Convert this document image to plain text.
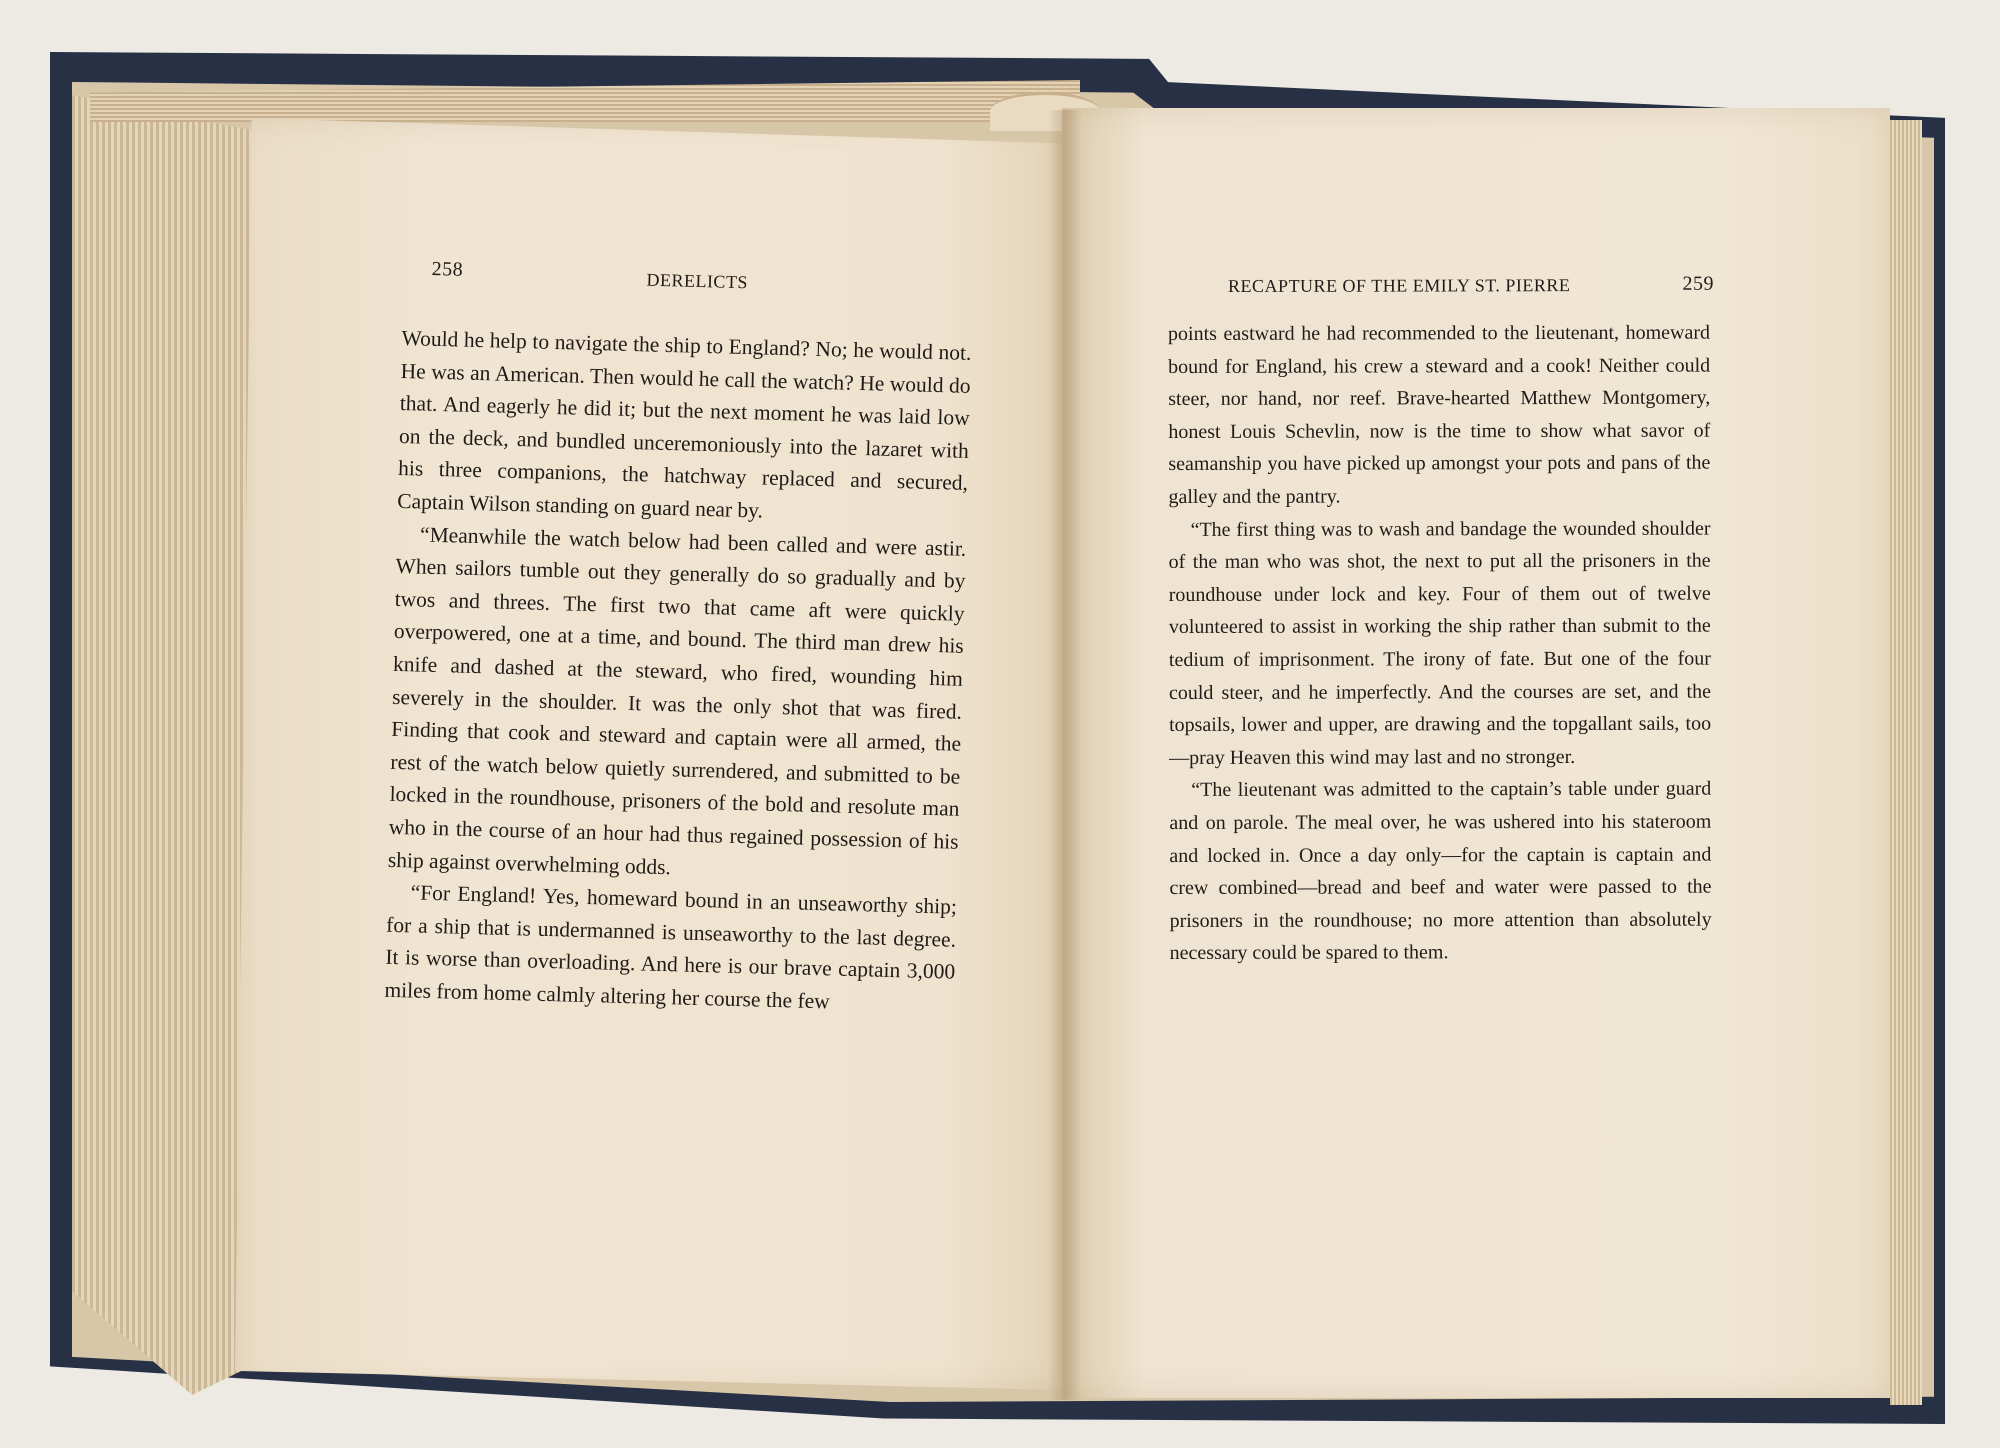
258
DERELICTS

Would he help to navigate the ship to England? No; he would not. He was an American. Then would he call the watch? He would do that. And eagerly he did it; but the next moment he was laid low on the deck, and bundled unceremoniously into the lazaret with his three companions, the hatchway replaced and secured, Captain Wilson standing on guard near by.

“Meanwhile the watch below had been called and were astir. When sailors tumble out they generally do so gradually and by twos and threes. The first two that came aft were quickly overpowered, one at a time, and bound. The third man drew his knife and dashed at the steward, who fired, wounding him severely in the shoulder. It was the only shot that was fired. Finding that cook and steward and captain were all armed, the rest of the watch below quietly surrendered, and submitted to be locked in the roundhouse, prisoners of the bold and resolute man who in the course of an hour had thus regained possession of his ship against overwhelming odds.

“For England! Yes, homeward bound in an unseaworthy ship; for a ship that is undermanned is unseaworthy to the last degree. It is worse than overloading. And here is our brave captain 3,000 miles from home calmly altering her course the few

RECAPTURE OF THE EMILY ST. PIERRE	259

points eastward he had recommended to the lieutenant, homeward bound for England, his crew a steward and a cook! Neither could steer, nor hand, nor reef. Brave-hearted Matthew Montgomery, honest Louis Schevlin, now is the time to show what savor of seamanship you have picked up amongst your pots and pans of the galley and the pantry.

“The first thing was to wash and bandage the wounded shoulder of the man who was shot, the next to put all the prisoners in the roundhouse under lock and key. Four of them out of twelve volunteered to assist in working the ship rather than submit to the tedium of imprisonment. The irony of fate. But one of the four could steer, and he imperfectly. And the courses are set, and the topsails, lower and upper, are drawing and the topgallant sails, too—pray Heaven this wind may last and no stronger.

“The lieutenant was admitted to the captain’s table under guard and on parole. The meal over, he was ushered into his stateroom and locked in. Once a day only—for the captain is captain and crew combined—bread and beef and water were passed to the prisoners in the roundhouse; no more attention than absolutely necessary could be spared to them.
